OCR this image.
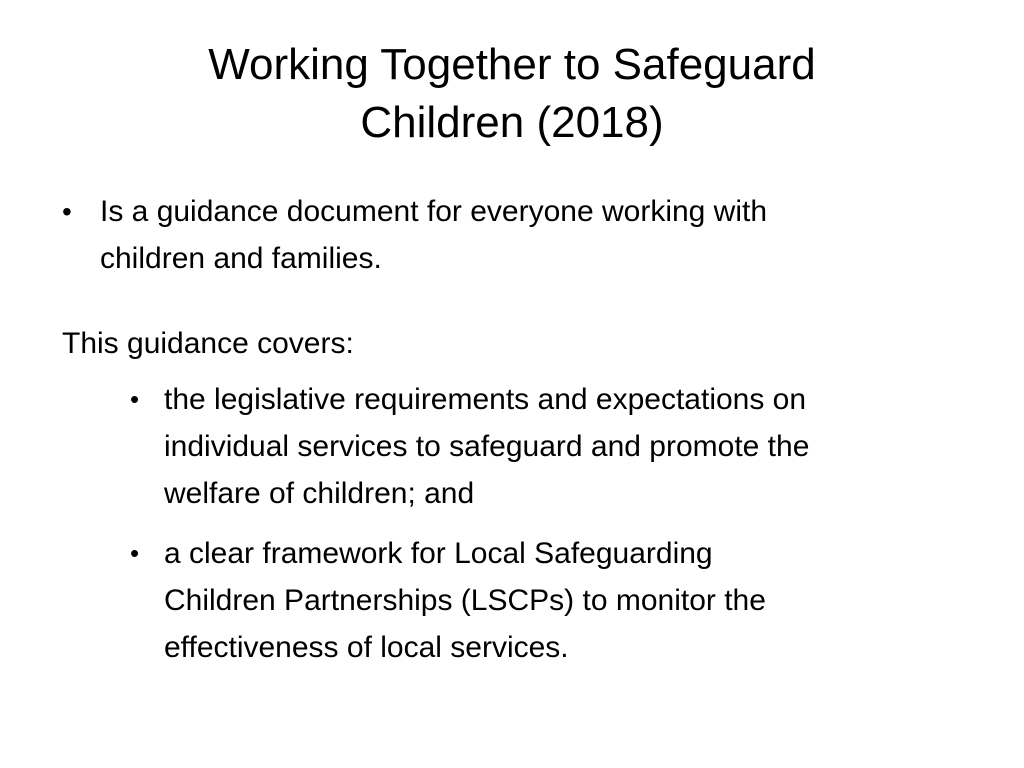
Working Together to Safeguard
Children (2018)
• Is a guidance document for everyone working with
children and families.
This guidance covers:
• the legislative requirements and expectations on
individual services to safeguard and promote the
welfare of children; and
• a clear framework for Local Safeguarding
Children Partnerships (LSCPs) to monitor the
effectiveness of local services.
